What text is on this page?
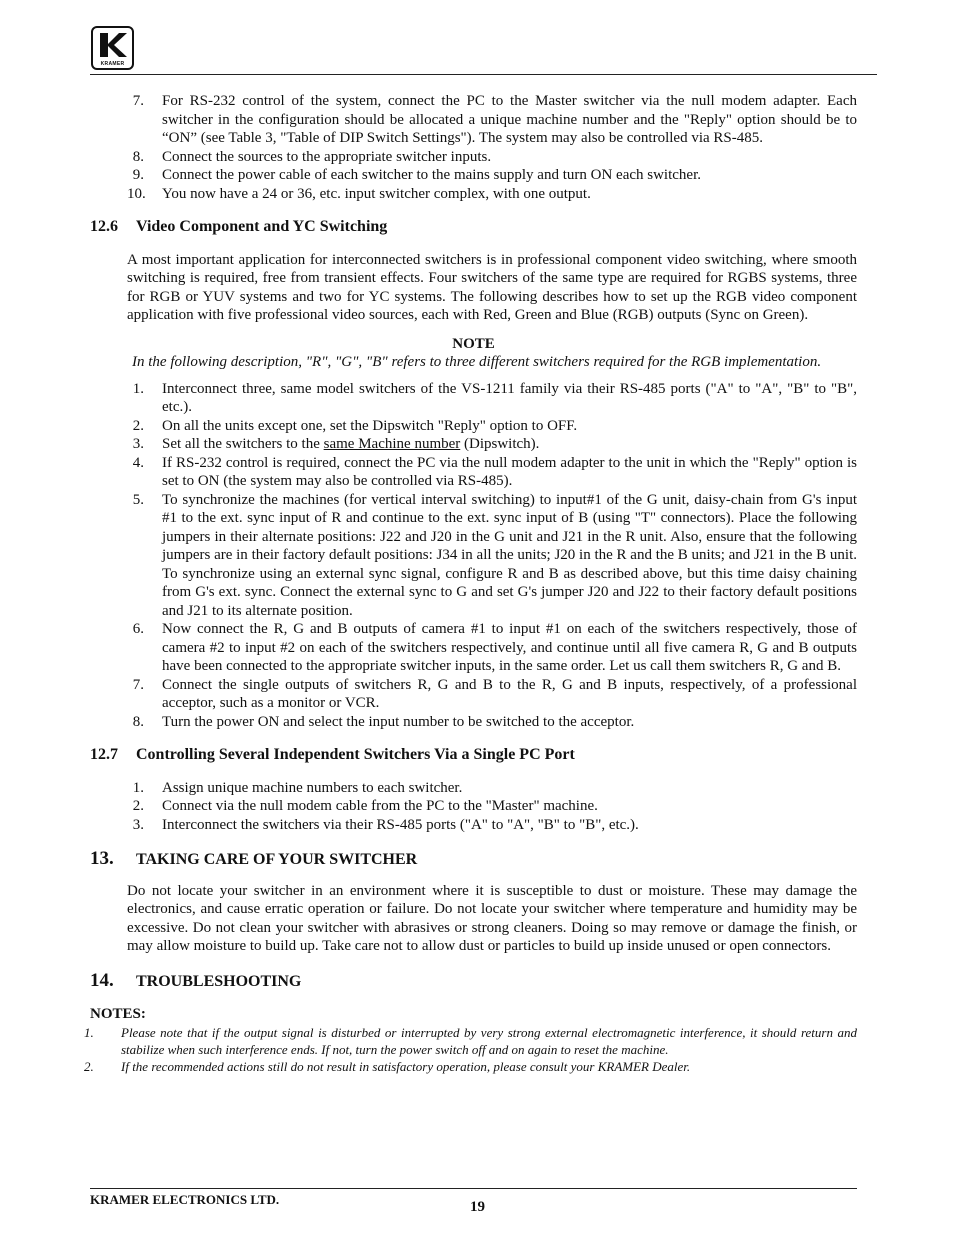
KRAMER
7. For RS-232 control of the system, connect the PC to the Master switcher via the null modem adapter. Each switcher in the configuration should be allocated a unique machine number and the "Reply" option should be to “ON” (see Table 3, "Table of DIP Switch Settings"). The system may also be controlled via RS-485.
8. Connect the sources to the appropriate switcher inputs.
9. Connect the power cable of each switcher to the mains supply and turn ON each switcher.
10. You now have a 24 or 36, etc. input switcher complex, with one output.
12.6 Video Component and YC Switching
A most important application for interconnected switchers is in professional component video switching, where smooth switching is required, free from transient effects. Four switchers of the same type are required for RGBS systems, three for RGB or YUV systems and two for YC systems. The following describes how to set up the RGB video component application with five professional video sources, each with Red, Green and Blue (RGB) outputs (Sync on Green).
NOTE
In the following description, "R", "G", "B" refers to three different switchers required for the RGB implementation.
1. Interconnect three, same model switchers of the VS-1211 family via their RS-485 ports ("A" to "A", "B" to "B", etc.).
2. On all the units except one, set the Dipswitch "Reply" option to OFF.
3. Set all the switchers to the same Machine number (Dipswitch).
4. If RS-232 control is required, connect the PC via the null modem adapter to the unit in which the "Reply" option is set to ON (the system may also be controlled via RS-485).
5. To synchronize the machines (for vertical interval switching) to input#1 of the G unit, daisy-chain from G's input #1 to the ext. sync input of R and continue to the ext. sync input of B (using "T" connectors). Place the following jumpers in their alternate positions: J22 and J20 in the G unit and J21 in the R unit. Also, ensure that the following jumpers are in their factory default positions: J34 in all the units; J20 in the R and the B units; and J21 in the B unit. To synchronize using an external sync signal, configure R and B as described above, but this time daisy chaining from G's ext. sync. Connect the external sync to G and set G's jumper J20 and J22 to their factory default positions and J21 to its alternate position.
6. Now connect the R, G and B outputs of camera #1 to input #1 on each of the switchers respectively, those of camera #2 to input #2 on each of the switchers respectively, and continue until all five camera R, G and B outputs have been connected to the appropriate switcher inputs, in the same order. Let us call them switchers R, G and B.
7. Connect the single outputs of switchers R, G and B to the R, G and B inputs, respectively, of a professional acceptor, such as a monitor or VCR.
8. Turn the power ON and select the input number to be switched to the acceptor.
12.7 Controlling Several Independent Switchers Via a Single PC Port
1. Assign unique machine numbers to each switcher.
2. Connect via the null modem cable from the PC to the "Master" machine.
3. Interconnect the switchers via their RS-485 ports ("A" to "A", "B" to "B", etc.).
13. TAKING CARE OF YOUR SWITCHER
Do not locate your switcher in an environment where it is susceptible to dust or moisture. These may damage the electronics, and cause erratic operation or failure. Do not locate your switcher where temperature and humidity may be excessive. Do not clean your switcher with abrasives or strong cleaners. Doing so may remove or damage the finish, or may allow moisture to build up. Take care not to allow dust or particles to build up inside unused or open connectors.
14. TROUBLESHOOTING
NOTES:
1. Please note that if the output signal is disturbed or interrupted by very strong external electromagnetic interference, it should return and stabilize when such interference ends. If not, turn the power switch off and on again to reset the machine.
2. If the recommended actions still do not result in satisfactory operation, please consult your KRAMER Dealer.
KRAMER ELECTRONICS LTD.	19
